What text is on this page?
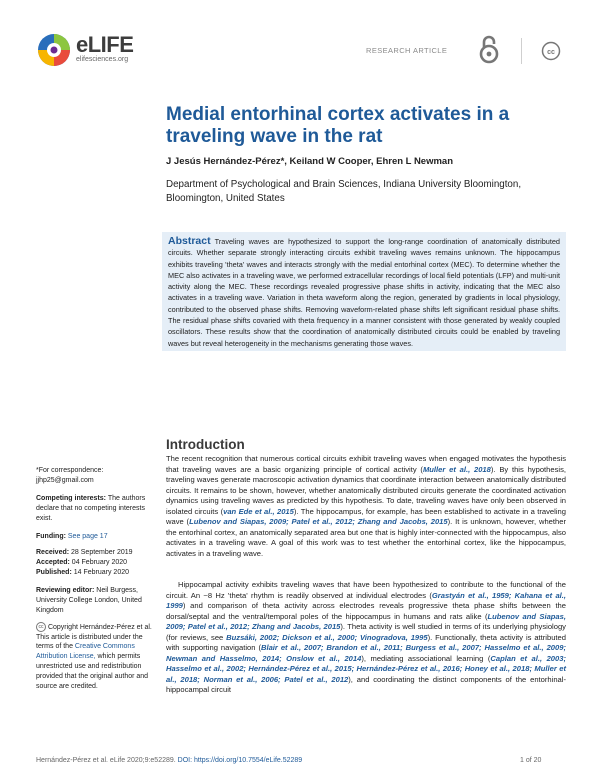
eLIFE
elifesciences.org
RESEARCH ARTICLE	cc
Medial entorhinal cortex activates in a traveling wave in the rat
J Jesús Hernández-Pérez*, Keiland W Cooper, Ehren L Newman
Department of Psychological and Brain Sciences, Indiana University Bloomington, Bloomington, United States
Abstract Traveling waves are hypothesized to support the long-range coordination of anatomically distributed circuits. Whether separate strongly interacting circuits exhibit traveling waves remains unknown. The hippocampus exhibits traveling 'theta' waves and interacts strongly with the medial entorhinal cortex (MEC). To determine whether the MEC also activates in a traveling wave, we performed extracellular recordings of local field potentials (LFP) and multi-unit activity along the MEC. These recordings revealed progressive phase shifts in activity, indicating that the MEC also activates in a traveling wave. Variation in theta waveform along the region, generated by gradients in local physiology, contributed to the observed phase shifts. Removing waveform-related phase shifts left significant residual phase shifts. The residual phase shifts covaried with theta frequency in a manner consistent with those generated by weakly coupled oscillators. These results show that the coordination of anatomically distributed circuits could be enabled by traveling waves but reveal heterogeneity in the mechanisms generating those waves.
*For correspondence:
jjhp25@gmail.com
Competing interests: The authors declare that no competing interests exist.
Funding: See page 17
Received: 28 September 2019
Accepted: 04 February 2020
Published: 14 February 2020
Reviewing editor: Neil Burgess, University College London, United Kingdom
cc Copyright Hernández-Pérez et al. This article is distributed under the terms of the Creative Commons Attribution License, which permits unrestricted use and redistribution provided that the original author and source are credited.
Introduction

The recent recognition that numerous cortical circuits exhibit traveling waves when engaged motivates the hypothesis that traveling waves are a basic organizing principle of cortical activity (Muller et al., 2018). By this hypothesis, traveling waves generate macroscopic activation dynamics that coordinate interaction between anatomically distributed circuits. It remains to be shown, however, whether anatomically distributed circuits generate the coordinated activation dynamics using traveling waves as predicted by this hypothesis. To date, traveling waves have only been observed in isolated circuits (van Ede et al., 2015). The hippocampus, for example, has been established to activate in a traveling wave (Lubenov and Siapas, 2009; Patel et al., 2012; Zhang and Jacobs, 2015). It is unknown, however, whether the entorhinal cortex, an anatomically separated area but one that is highly inter-connected with the hippocampus, also activates in a traveling wave. A goal of this work was to test whether the entorhinal cortex, like the hippocampus, activates in a traveling wave.

Hippocampal activity exhibits traveling waves that have been hypothesized to contribute to the functional of the circuit. An ~8 Hz 'theta' rhythm is readily observed at individual electrodes (Grastyán et al., 1959; Kahana et al., 1999) and comparison of theta activity across electrodes reveals progressive theta phase shifts between the dorsal/septal and the ventral/temporal poles of the hippocampus in humans and rats alike (Lubenov and Siapas, 2009; Patel et al., 2012; Zhang and Jacobs, 2015). Theta activity is well studied in terms of its underlying physiology (for reviews, see Buzsáki, 2002; Dickson et al., 2000; Vinogradova, 1995). Functionally, theta activity is attributed with supporting navigation (Blair et al., 2007; Brandon et al., 2011; Burgess et al., 2007; Hasselmo et al., 2009; Newman and Hasselmo, 2014; Onslow et al., 2014), mediating associational learning (Caplan et al., 2003; Hasselmo et al., 2002; Hernández-Pérez et al., 2015; Hernández-Pérez et al., 2016; Honey et al., 2018; Muller et al., 2018; Norman et al., 2006; Patel et al., 2012), and coordinating the distinct components of the entorhinal-hippocampal circuit

Hernández-Pérez et al. eLife 2020;9:e52289. DOI: https://doi.org/10.7554/eLife.52289	1 of 20
